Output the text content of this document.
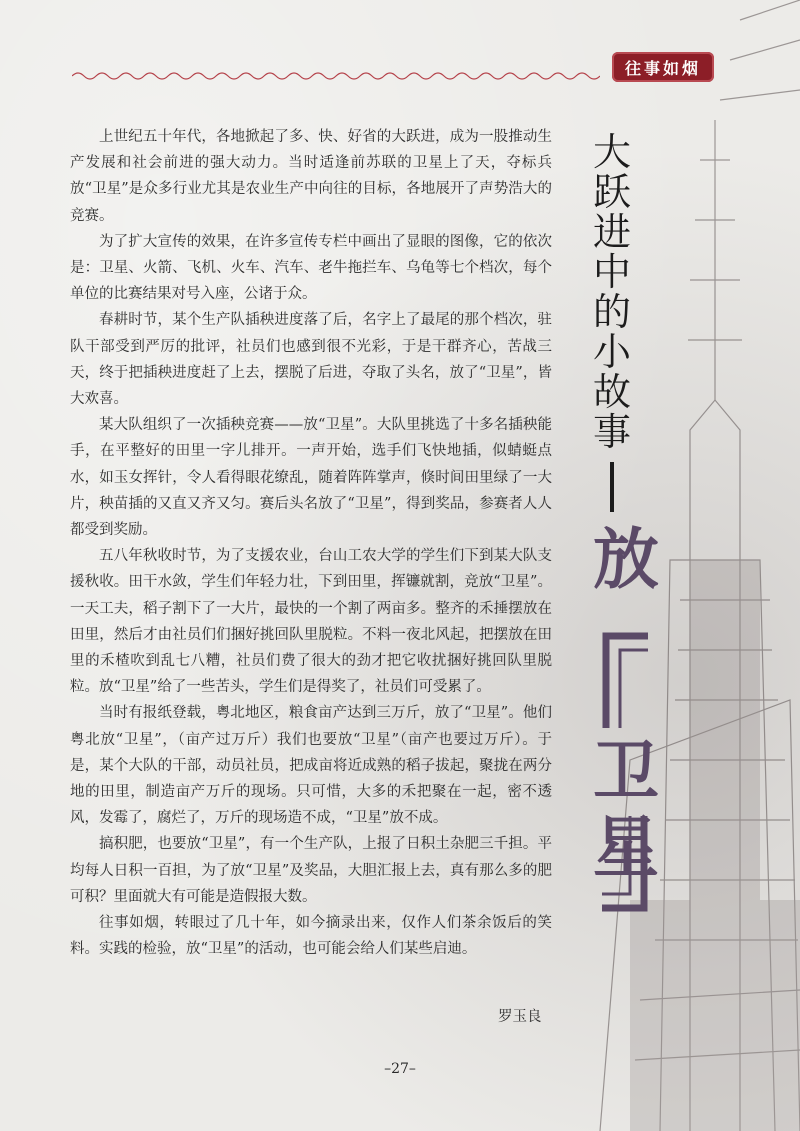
往事如烟
大
跃
进
中
的
小
故
事
放
卫
星

上世纪五十年代，各地掀起了多、快、好省的大跃进，成为一股推动生产发展和社会前进的强大动力。当时适逢前苏联的卫星上了天，夺标兵放“卫星”是众多行业尤其是农业生产中向往的目标，各地展开了声势浩大的竞赛。

为了扩大宣传的效果，在许多宣传专栏中画出了显眼的图像，它的依次是：卫星、火箭、飞机、火车、汽车、老牛拖拦车、乌龟等七个档次，每个单位的比赛结果对号入座，公诸于众。

春耕时节，某个生产队插秧进度落了后，名字上了最尾的那个档次，驻队干部受到严厉的批评，社员们也感到很不光彩，于是干群齐心，苦战三天，终于把插秧进度赶了上去，摆脱了后进，夺取了头名，放了“卫星”，皆大欢喜。

某大队组织了一次插秧竞赛——放“卫星”。大队里挑选了十多名插秧能手，在平整好的田里一字儿排开。一声开始，选手们飞快地插，似蜻蜓点水，如玉女挥针，令人看得眼花缭乱，随着阵阵掌声，倏时间田里绿了一大片，秧苗插的又直又齐又匀。赛后头名放了“卫星”，得到奖品，参赛者人人都受到奖励。

五八年秋收时节，为了支援农业，台山工农大学的学生们下到某大队支援秋收。田干水敛，学生们年轻力壮，下到田里，挥镰就割，竞放“卫星”。一天工夫，稻子割下了一大片，最快的一个割了两亩多。整齐的禾捶摆放在田里，然后才由社员们们捆好挑回队里脱粒。不料一夜北风起，把摆放在田里的禾楂吹到乱七八糟，社员们费了很大的劲才把它收扰捆好挑回队里脱粒。放“卫星”给了一些苦头，学生们是得奖了，社员们可受累了。

当时有报纸登载，粤北地区，粮食亩产达到三万斤，放了“卫星”。他们粤北放“卫星”，（亩产过万斤）我们也要放“卫星”（亩产也要过万斤）。于是，某个大队的干部，动员社员，把成亩将近成熟的稻子拔起，聚拢在两分地的田里，制造亩产万斤的现场。只可惜，大多的禾把聚在一起，密不透风，发霉了，腐烂了，万斤的现场造不成，“卫星”放不成。

搞积肥，也要放“卫星”，有一个生产队，上报了日积土杂肥三千担。平均每人日积一百担，为了放“卫星”及奖品，大胆汇报上去，真有那么多的肥可积？里面就大有可能是造假报大数。

往事如烟，转眼过了几十年，如今摘录出来，仅作人们茶余饭后的笑料。实践的检验，放“卫星”的活动，也可能会给人们某些启迪。

罗玉良
–27–
